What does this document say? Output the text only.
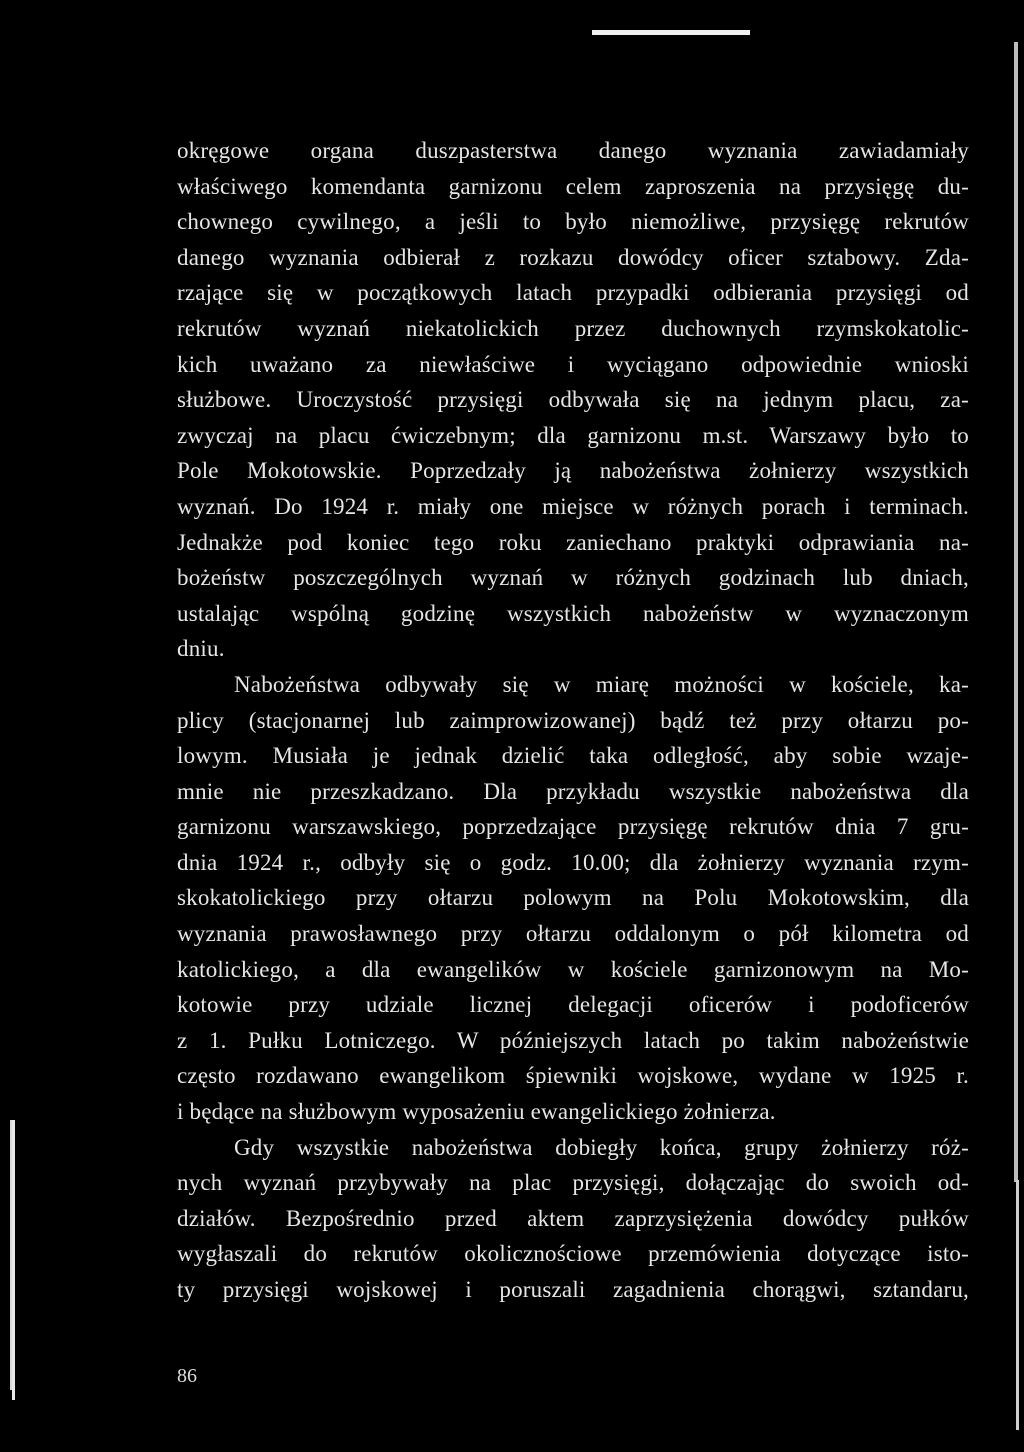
okręgowe organa duszpasterstwa danego wyznania zawiadamiały
właściwego komendanta garnizonu celem zaproszenia na przysięgę du-
chownego cywilnego, a jeśli to było niemożliwe, przysięgę rekrutów
danego wyznania odbierał z rozkazu dowódcy oficer sztabowy. Zda-
rzające się w początkowych latach przypadki odbierania przysięgi od
rekrutów wyznań niekatolickich przez duchownych rzymskokatolic-
kich uważano za niewłaściwe i wyciągano odpowiednie wnioski
służbowe. Uroczystość przysięgi odbywała się na jednym placu, za-
zwyczaj na placu ćwiczebnym; dla garnizonu m.st. Warszawy było to
Pole Mokotowskie. Poprzedzały ją nabożeństwa żołnierzy wszystkich
wyznań. Do 1924 r. miały one miejsce w różnych porach i terminach.
Jednakże pod koniec tego roku zaniechano praktyki odprawiania na-
bożeństw poszczególnych wyznań w różnych godzinach lub dniach,
ustalając wspólną godzinę wszystkich nabożeństw w wyznaczonym
dniu.
Nabożeństwa odbywały się w miarę możności w kościele, ka-
plicy (stacjonarnej lub zaimprowizowanej) bądź też przy ołtarzu po-
lowym. Musiała je jednak dzielić taka odległość, aby sobie wzaje-
mnie nie przeszkadzano. Dla przykładu wszystkie nabożeństwa dla
garnizonu warszawskiego, poprzedzające przysięgę rekrutów dnia 7 gru-
dnia 1924 r., odbyły się o godz. 10.00; dla żołnierzy wyznania rzym-
skokatolickiego przy ołtarzu polowym na Polu Mokotowskim, dla
wyznania prawosławnego przy ołtarzu oddalonym o pół kilometra od
katolickiego, a dla ewangelików w kościele garnizonowym na Mo-
kotowie przy udziale licznej delegacji oficerów i podoficerów
z 1. Pułku Lotniczego. W późniejszych latach po takim nabożeństwie
często rozdawano ewangelikom śpiewniki wojskowe, wydane w 1925 r.
i będące na służbowym wyposażeniu ewangelickiego żołnierza.
Gdy wszystkie nabożeństwa dobiegły końca, grupy żołnierzy róż-
nych wyznań przybywały na plac przysięgi, dołączając do swoich od-
działów. Bezpośrednio przed aktem zaprzysiężenia dowódcy pułków
wygłaszali do rekrutów okolicznościowe przemówienia dotyczące isto-
ty przysięgi wojskowej i poruszali zagadnienia chorągwi, sztandaru,
86
